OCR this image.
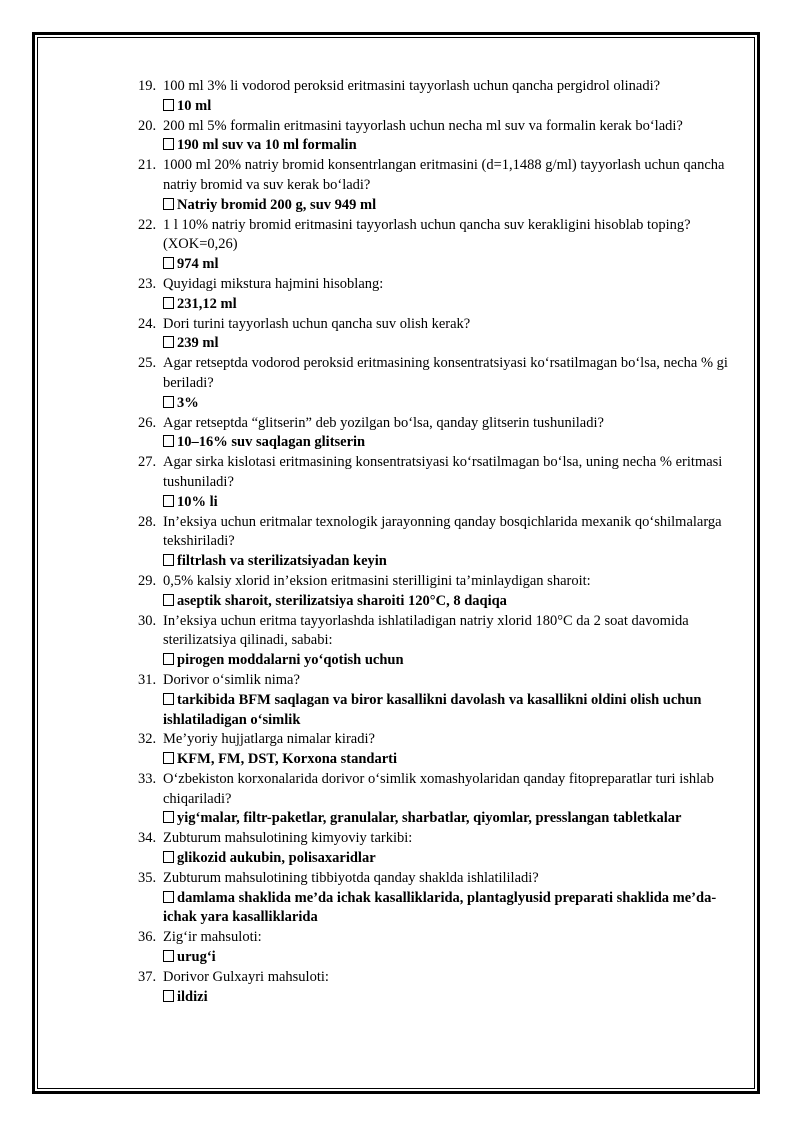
19. 100 ml 3% li vodorod peroksid eritmasini tayyorlash uchun qancha pergidrol olinadi?
10 ml
20. 200 ml 5% formalin eritmasini tayyorlash uchun necha ml suv va formalin kerak bo‘ladi?
190 ml suv va 10 ml formalin
21. 1000 ml 20% natriy bromid konsentrlangan eritmasini (d=1,1488 g/ml) tayyorlash uchun qancha natriy bromid va suv kerak bo‘ladi?
Natriy bromid 200 g, suv 949 ml
22. 1 l 10% natriy bromid eritmasini tayyorlash uchun qancha suv kerakligini hisoblab toping? (XOK=0,26)
974 ml
23. Quyidagi mikstura hajmini hisoblang:
231,12 ml
24. Dori turini tayyorlash uchun qancha suv olish kerak?
239 ml
25. Agar retseptda vodorod peroksid eritmasining konsentratsiyasi ko‘rsatilmagan bo‘lsa, necha % gi beriladi?
3%
26. Agar retseptda “glitserin” deb yozilgan bo‘lsa, qanday glitserin tushuniladi?
10–16% suv saqlagan glitserin
27. Agar sirka kislotasi eritmasining konsentratsiyasi ko‘rsatilmagan bo‘lsa, uning necha % eritmasi tushuniladi?
10% li
28. In’eksiya uchun eritmalar texnologik jarayonning qanday bosqichlarida mexanik qo‘shilmalarga tekshiriladi?
filtrlash va sterilizatsiyadan keyin
29. 0,5% kalsiy xlorid in’eksion eritmasini sterilligini ta’minlaydigan sharoit:
aseptik sharoit, sterilizatsiya sharoiti 120°C, 8 daqiqa
30. In’eksiya uchun eritma tayyorlashda ishlatiladigan natriy xlorid 180°C da 2 soat davomida sterilizatsiya qilinadi, sababi:
pirogen moddalarni yo‘qotish uchun
31. Dorivor o‘simlik nima?
tarkibida BFM saqlagan va biror kasallikni davolash va kasallikni oldini olish uchun ishlatiladigan o‘simlik
32. Me’yoriy hujjatlarga nimalar kiradi?
KFM, FM, DST, Korxona standarti
33. O‘zbekiston korxonalarida dorivor o‘simlik xomashyolaridan qanday fitopreparatlar turi ishlab chiqariladi?
yig‘malar, filtr-paketlar, granulalar, sharbatlar, qiyomlar, presslangan tabletkalar
34. Zubturum mahsulotining kimyoviy tarkibi:
glikozid aukubin, polisaxaridlar
35. Zubturum mahsulotining tibbiyotda qanday shaklda ishlatililadi?
damlama shaklida me’da ichak kasalliklarida, plantaglyusid preparati shaklida me’da-ichak yara kasalliklarida
36. Zig‘ir mahsuloti:
urug‘i
37. Dorivor Gulxayri mahsuloti:
ildizi
